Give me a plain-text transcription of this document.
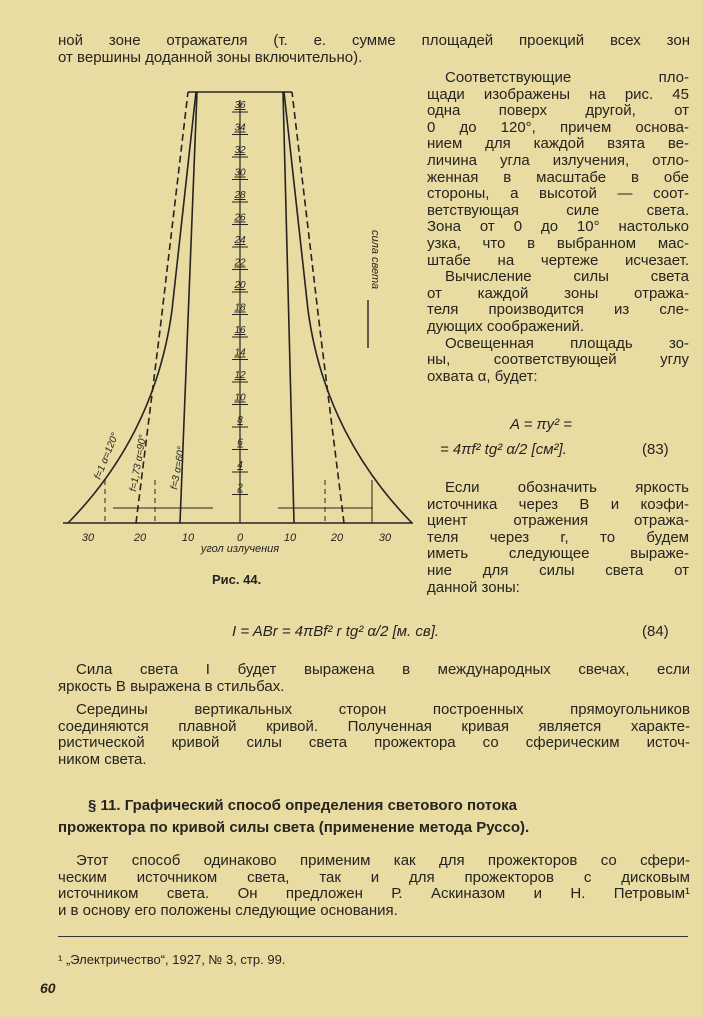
ной зоне отражателя (т. е. сумме площадей проекций всех зон
от вершины доданной зоны включительно).
36
34
32
30
28
26
24
22
20
18
16
14
12
10
8
6
4
2
30	20	10	0	10	20	30
угол излучения
сила света
f=1 α=120° f=1,73 α=90° f=3 α=60°
Рис. 44.
Соответствующие пло-
щади изображены на рис. 45
одна поверх другой, от
0 до 120°, причем основа-
нием для каждой взята ве-
личина угла излучения, отло-
женная в масштабе в обе
стороны, а высотой — соот-
ветствующая силе света.
Зона от 0 до 10° настолько
узка, что в выбранном мас-
штабе на чертеже исчезает.
Вычисление силы света
от каждой зоны отража-
теля производится из сле-
дующих соображений.
Освещенная площадь зо-
ны, соответствующей углу
охвата α, будет:
A = πy² =
= 4πf² tg² α/2 [см²].	(83)
Если обозначить яркость
источника через B и коэфи-
циент отражения отража-
теля через r, то будем
иметь следующее выраже-
ние для силы света от
данной зоны:
I = ABr = 4πBf² r tg² α/2 [м. св].	(84)
Сила света I будет выражена в международных свечах, если
яркость B выражена в стильбах.
Середины вертикальных сторон построенных прямоугольников
соединяются плавной кривой. Полученная кривая является характе-
ристической кривой силы света прожектора со сферическим источ-
ником света.
§ 11. Графический способ определения светового потока
прожектора по кривой силы света (применение метода Руссо).
Этот способ одинаково применим как для прожекторов со сфери-
ческим источником света, так и для прожекторов с дисковым
источником света. Он предложен Р. Аскиназом и Н. Петровым¹
и в основу его положены следующие основания.
¹ „Электричество“, 1927, № 3, стр. 99.
60
